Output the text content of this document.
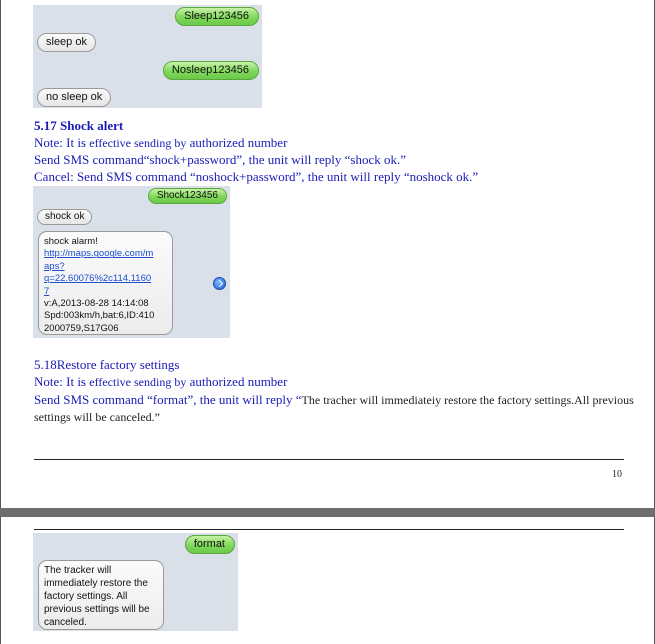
Sleep123456
sleep ok
Nosleep123456
no sleep ok
5.17 Shock alert
Note: It is effective sending by authorized number
Send SMS command“shock+password”, the unit will reply “shock ok.”
Cancel: Send SMS command “noshock+password”, the unit will reply “noshock ok.”
Shock123456
shock ok
shock alarm!
http://maps.google.com/m
aps?
q=22.60076%2c114.1160
7
v:A,2013-08-28 14:14:08
Spd:003km/h,bat:6,ID:410
2000759,S17G06
5.18Restore factory settings
Note: It is effective sending by authorized number
Send SMS command “format”, the unit will reply “The tracher will immediateiy restore the factory settings.All previous
settings will be canceled.”
10
format
The tracker will
immediately restore the
factory settings. All
previous settings will be
canceled.
